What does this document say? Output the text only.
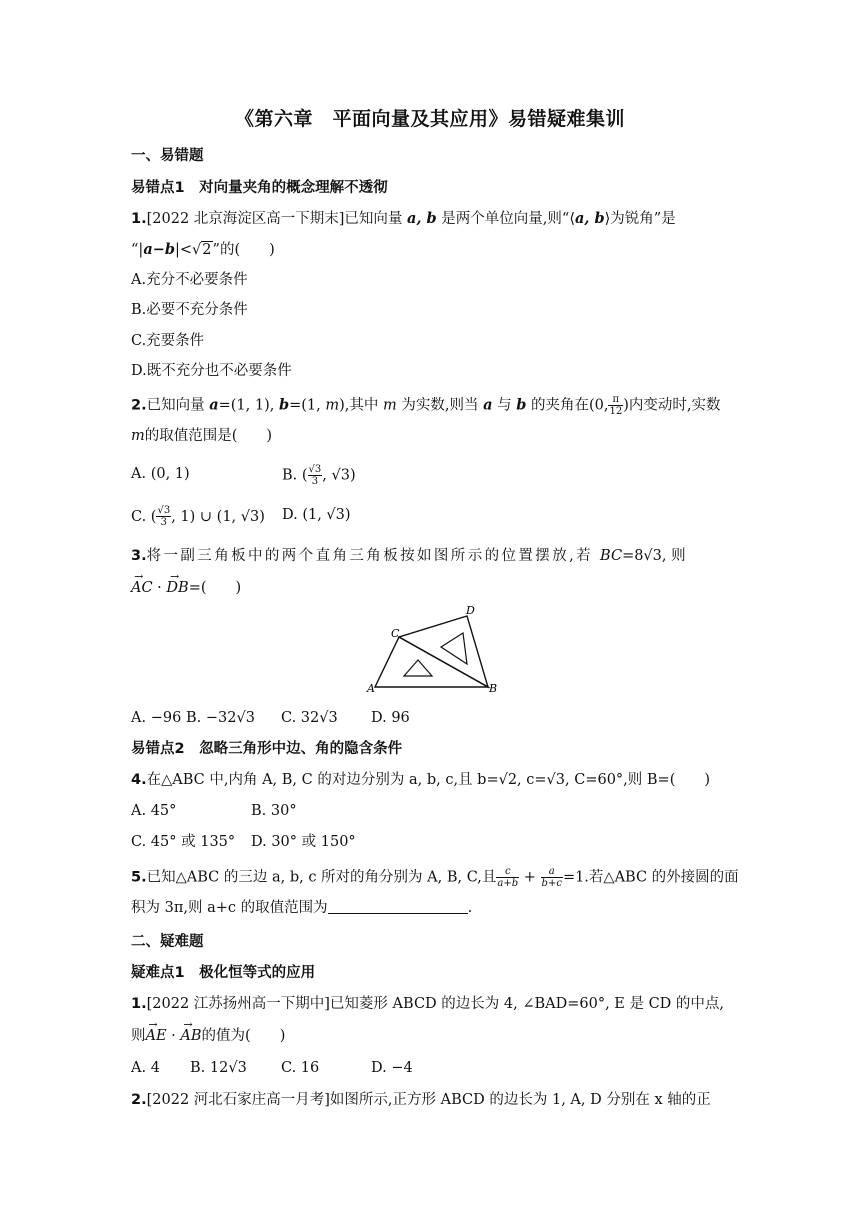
《第六章　平面向量及其应用》易错疑难集训
一、易错题
易错点1　对向量夹角的概念理解不透彻
1.[2022 北京海淀区高一下期末]已知向量 a, b 是两个单位向量,则“⟨a, b⟩为锐角”是
“|a−b|<√2”的(　　)
A.充分不必要条件
B.必要不充分条件
C.充要条件
D.既不充分也不必要条件
2.已知向量 a=(1, 1), b=(1, m),其中 m 为实数,则当 a 与 b 的夹角在(0, $\frac{\pi}{12}$ )内变动时,实数
m的取值范围是(　　)
A. (0, 1)	B. ( $\frac{√3}{3}$ , √3)
C. ( $\frac{√3}{3}$ , 1) ∪ (1, √3) D. (1, √3)
3.将一副三角板中的两个直角三角板按如图所示的位置摆放,若 BC=8√3, 则
→ AC · → DB=(　　)
A	B
C
D
A. −96 B. −32√3 C. 32√3 D. 96
易错点2　忽略三角形中边、角的隐含条件
4.在△ABC 中,内角 A, B, C 的对边分别为 a, b, c,且 b=√2, c=√3, C=60°,则 B=(　　)
A. 45°	B. 30°
C. 45° 或 135° D. 30° 或 150°
5.已知△ABC 的三边 a, b, c 所对的角分别为 A, B, C,且 $\frac{c}{a+b} + \frac{a}{b+c} =1$.若△ABC 的外接圆的面
积为 3π,则 a+c 的取值范围为	.
二、疑难题
疑难点1　极化恒等式的应用
1.[2022 江苏扬州高一下期中]已知菱形 ABCD 的边长为 4, ∠BAD=60°, E 是 CD 的中点,
则→ AE · → AB的值为(　　)
A. 4 B. 12√3 C. 16	D. −4
2.[2022 河北石家庄高一月考]如图所示,正方形 ABCD 的边长为 1, A, D 分别在 x 轴的正
